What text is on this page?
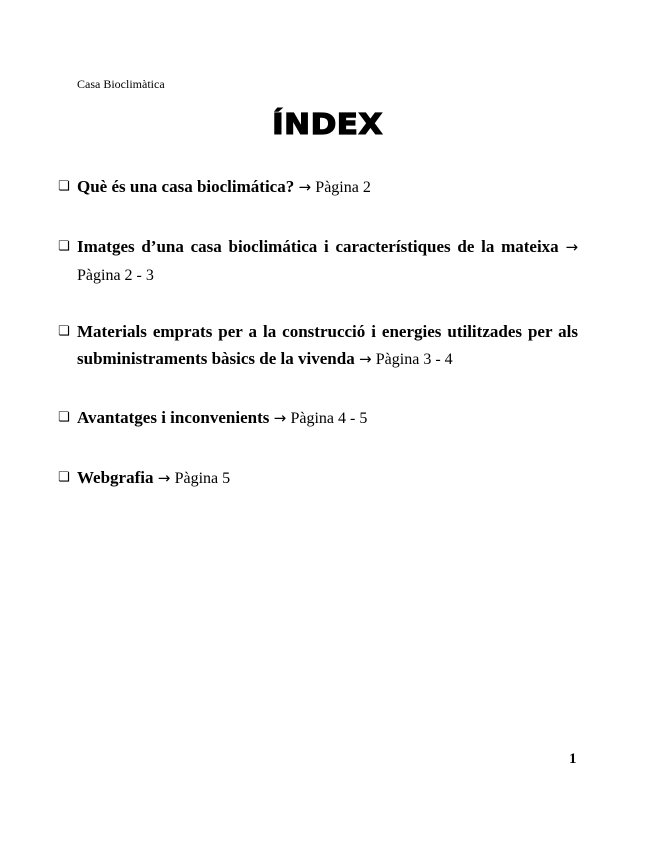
Casa Bioclimàtica
ÍNDEX
❏ Què és una casa bioclimática? → Pàgina 2
❏ Imatges d’una casa bioclimática i característiques de la mateixa → Pàgina 2 - 3
❏ Materials emprats per a la construcció i energies utilitzades per als subministraments bàsics de la vivenda → Pàgina 3 - 4
❏ Avantatges i inconvenients → Pàgina 4 - 5
❏ Webgrafia → Pàgina 5
1
